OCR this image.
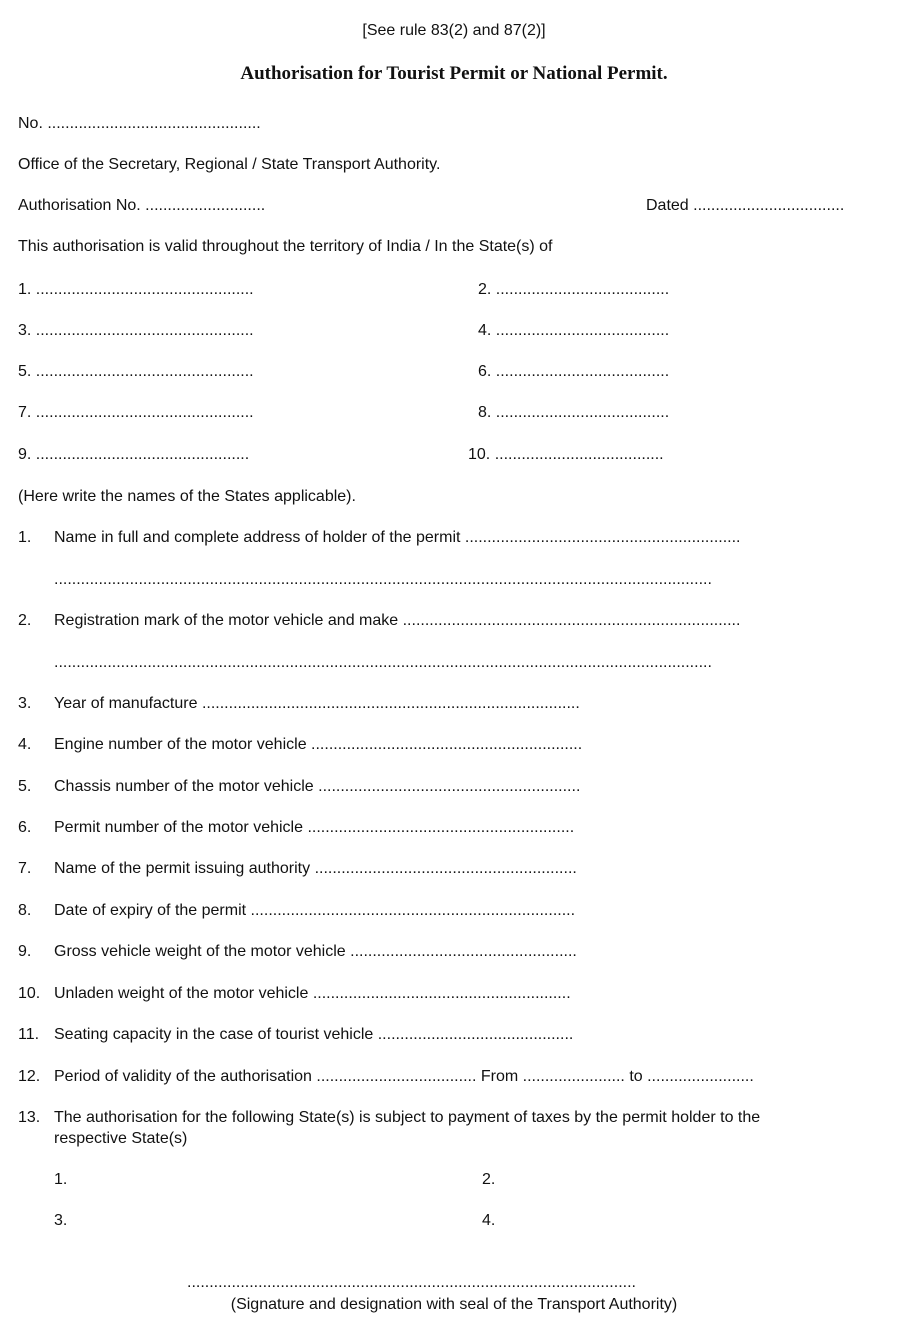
[See rule 83(2) and 87(2)]
Authorisation for Tourist Permit or National Permit.
No. ................................................
Office of the Secretary, Regional / State Transport Authority.
Authorisation No. ...........................	Dated ..................................
This authorisation is valid throughout the territory of India / In the State(s) of
1. .................................................	2. .......................................
3. .................................................	4. .......................................
5. .................................................	6. .......................................
7. .................................................	8. .......................................
9. ................................................	10. ......................................
(Here write the names of the States applicable).
1. Name in full and complete address of holder of the permit ..............................................................
....................................................................................................................................................
2. Registration mark of the motor vehicle and make ............................................................................
....................................................................................................................................................
3. Year of manufacture .....................................................................................
4. Engine number of the motor vehicle .............................................................
5. Chassis number of the motor vehicle ...........................................................
6. Permit number of the motor vehicle ............................................................
7. Name of the permit issuing authority ...........................................................
8. Date of expiry of the permit .........................................................................
9. Gross vehicle weight of the motor vehicle ...................................................
10. Unladen weight of the motor vehicle ..........................................................
11. Seating capacity in the case of tourist vehicle ............................................
12. Period of validity of the authorisation .................................... From ....................... to ........................
13. The authorisation for the following State(s) is subject to payment of taxes by the permit holder to the
respective State(s)
1.	2.
3.	4.
.....................................................................................................
(Signature and designation with seal of the Transport Authority)
